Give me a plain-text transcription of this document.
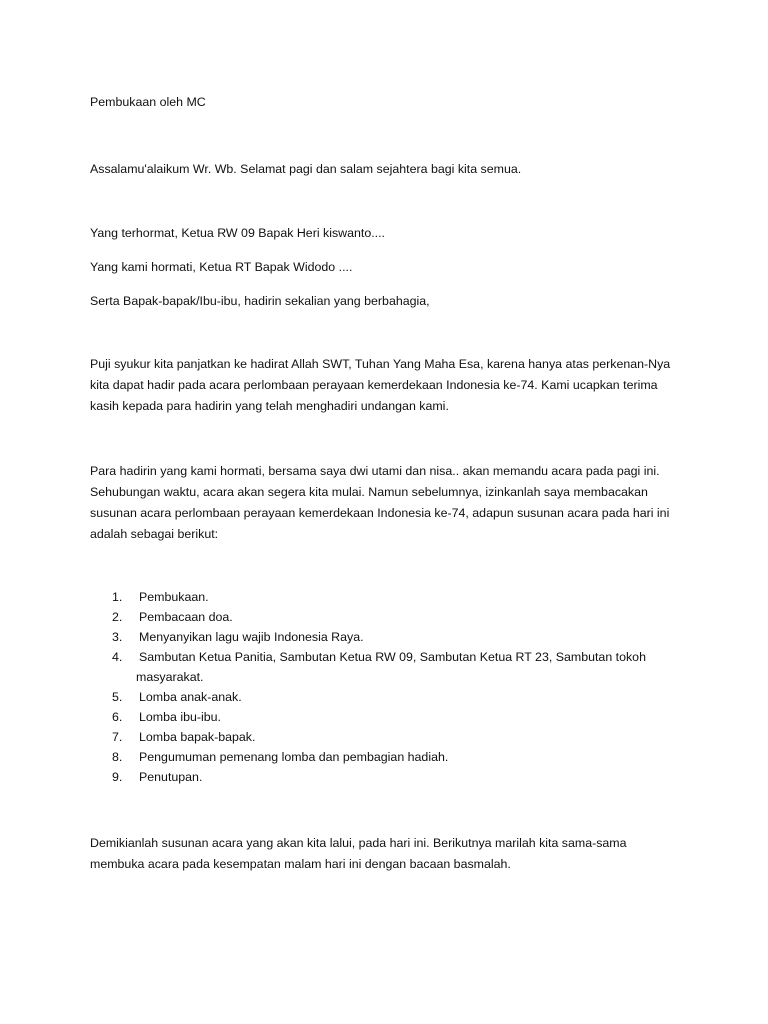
Pembukaan oleh MC

Assalamu'alaikum Wr. Wb. Selamat pagi dan salam sejahtera bagi kita semua.

Yang terhormat, Ketua RW 09 Bapak Heri kiswanto....

Yang kami hormati, Ketua RT Bapak Widodo ....

Serta Bapak-bapak/Ibu-ibu, hadirin sekalian yang berbahagia,

Puji syukur kita panjatkan ke hadirat Allah SWT, Tuhan Yang Maha Esa, karena hanya atas perkenan-Nya

kita dapat hadir pada acara perlombaan perayaan kemerdekaan Indonesia ke-74. Kami ucapkan terima

kasih kepada para hadirin yang telah menghadiri undangan kami.

Para hadirin yang kami hormati, bersama saya dwi utami dan nisa.. akan memandu acara pada pagi ini.

Sehubungan waktu, acara akan segera kita mulai. Namun sebelumnya, izinkanlah saya membacakan

susunan acara perlombaan perayaan kemerdekaan Indonesia ke-74, adapun susunan acara pada hari ini

adalah sebagai berikut:

1. Pembukaan.

2. Pembacaan doa.

3. Menyanyikan lagu wajib Indonesia Raya.

4. Sambutan Ketua Panitia, Sambutan Ketua RW 09, Sambutan Ketua RT 23, Sambutan tokoh

masyarakat.

5. Lomba anak-anak.

6. Lomba ibu-ibu.

7. Lomba bapak-bapak.

8. Pengumuman pemenang lomba dan pembagian hadiah.

9. Penutupan.

Demikianlah susunan acara yang akan kita lalui, pada hari ini. Berikutnya marilah kita sama-sama

membuka acara pada kesempatan malam hari ini dengan bacaan basmalah.
